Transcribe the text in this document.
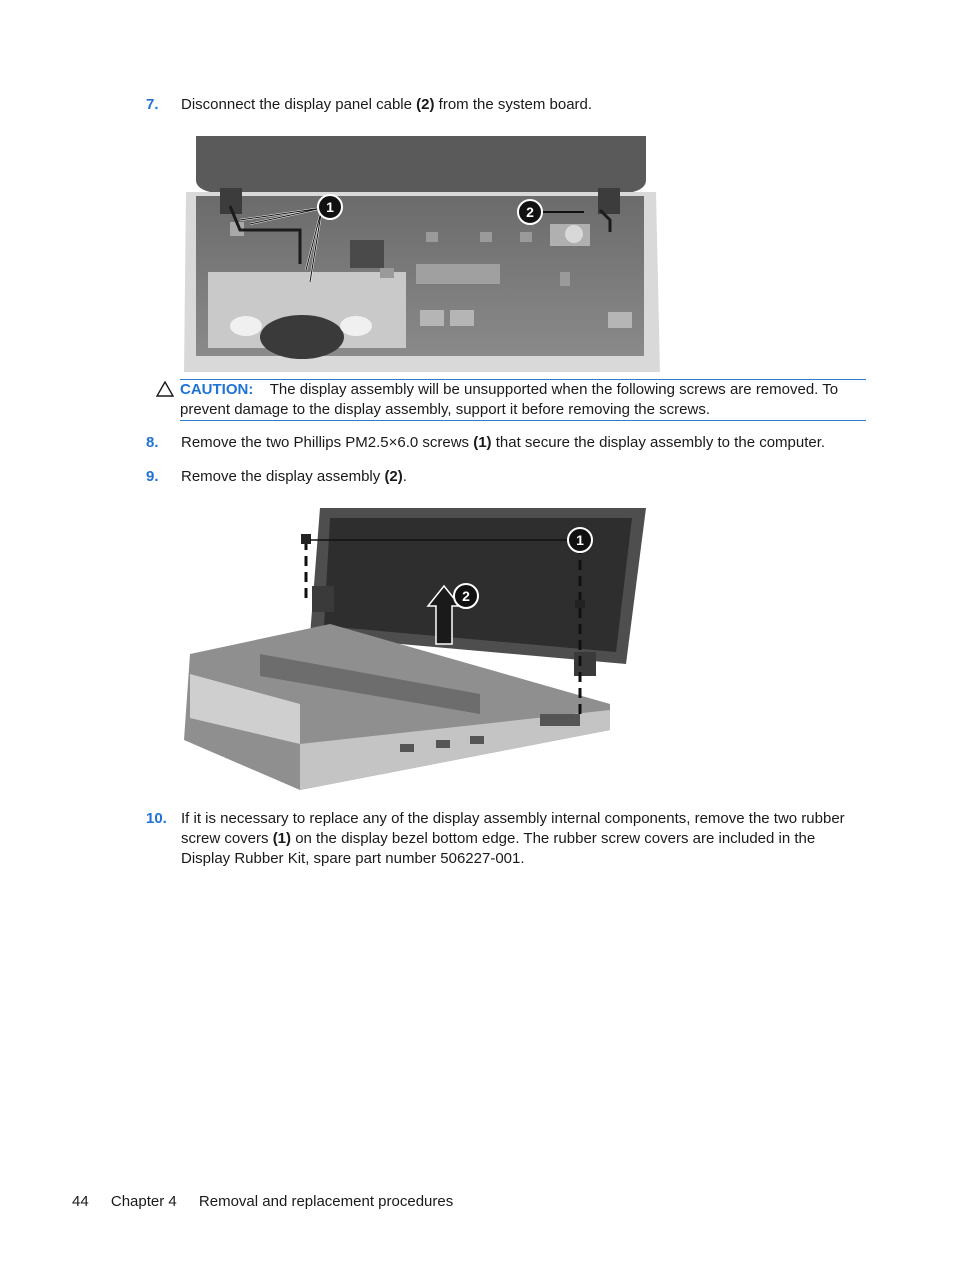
7. Disconnect the display panel cable (2) from the system board.
1	2
CAUTION: The display assembly will be unsupported when the following screws are removed. To prevent damage to the display assembly, support it before removing the screws.
8. Remove the two Phillips PM2.5×6.0 screws (1) that secure the display assembly to the computer.
9. Remove the display assembly (2).
1
2
10. If it is necessary to replace any of the display assembly internal components, remove the two rubber screw covers (1) on the display bezel bottom edge. The rubber screw covers are included in the Display Rubber Kit, spare part number 506227-001.
44 Chapter 4 Removal and replacement procedures
